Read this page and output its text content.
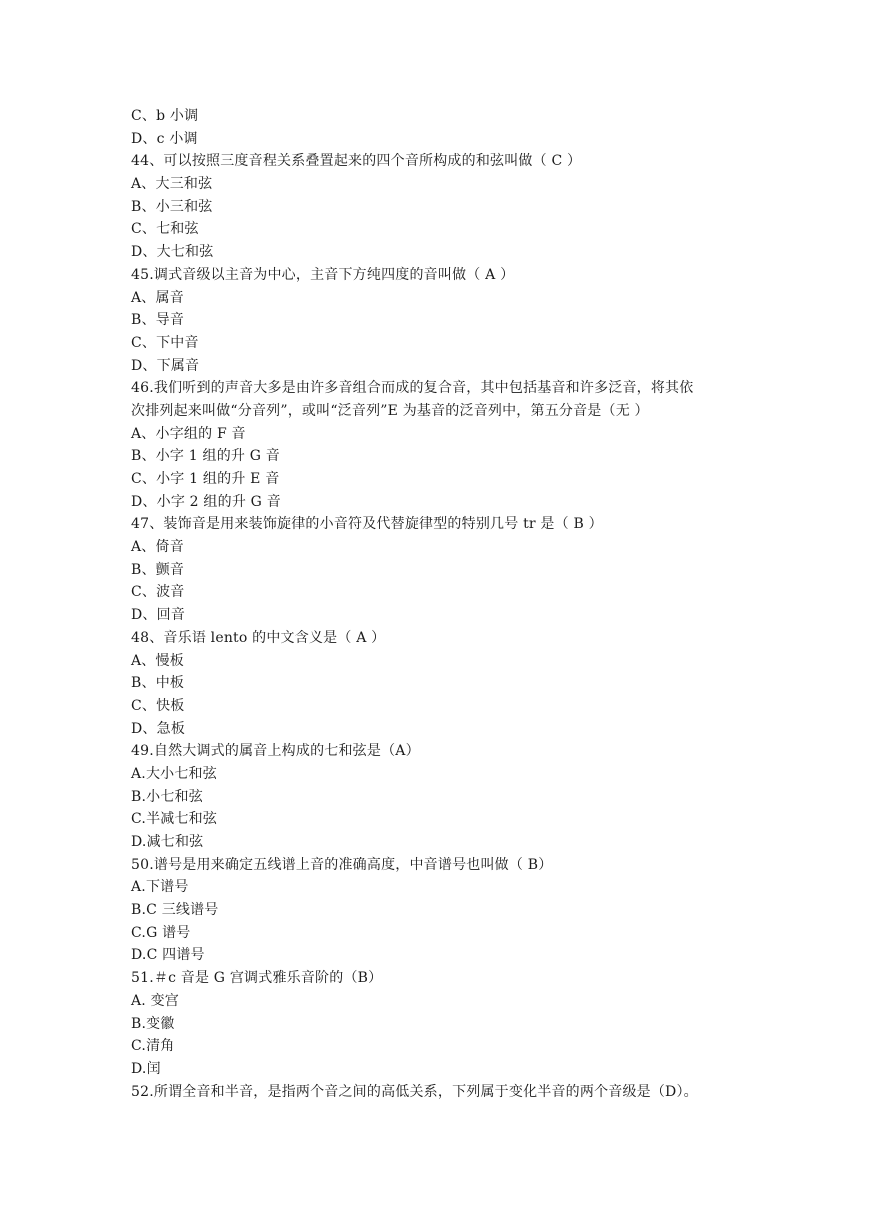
C、b 小调
D、c 小调
44、可以按照三度音程关系叠置起来的四个音所构成的和弦叫做（ C ）
A、大三和弦
B、小三和弦
C、七和弦
D、大七和弦
45.调式音级以主音为中心，主音下方纯四度的音叫做（ A ）
A、属音
B、导音
C、下中音
D、下属音
46.我们听到的声音大多是由许多音组合而成的复合音，其中包括基音和许多泛音，将其依
次排列起来叫做“分音列”，或叫“泛音列”E 为基音的泛音列中，第五分音是（无 ）
A、小字组的 F 音
B、小字 1 组的升 G 音
C、小字 1 组的升 E 音
D、小字 2 组的升 G 音
47、装饰音是用来装饰旋律的小音符及代替旋律型的特别几号 tr 是（ B ）
A、倚音
B、颤音
C、波音
D、回音
48、音乐语 lento 的中文含义是（ A ）
A、慢板
B、中板
C、快板
D、急板
49.自然大调式的属音上构成的七和弦是（A）
A.大小七和弦
B.小七和弦
C.半减七和弦
D.减七和弦
50.谱号是用来确定五线谱上音的准确高度，中音谱号也叫做（ B）
A.下谱号
B.C 三线谱号
C.G 谱号
D.C 四谱号
51.＃c 音是 G 宫调式雅乐音阶的（B）
A. 变宫
B.变徽
C.清角
D.闰
52.所谓全音和半音，是指两个音之间的高低关系，下列属于变化半音的两个音级是（D）。
